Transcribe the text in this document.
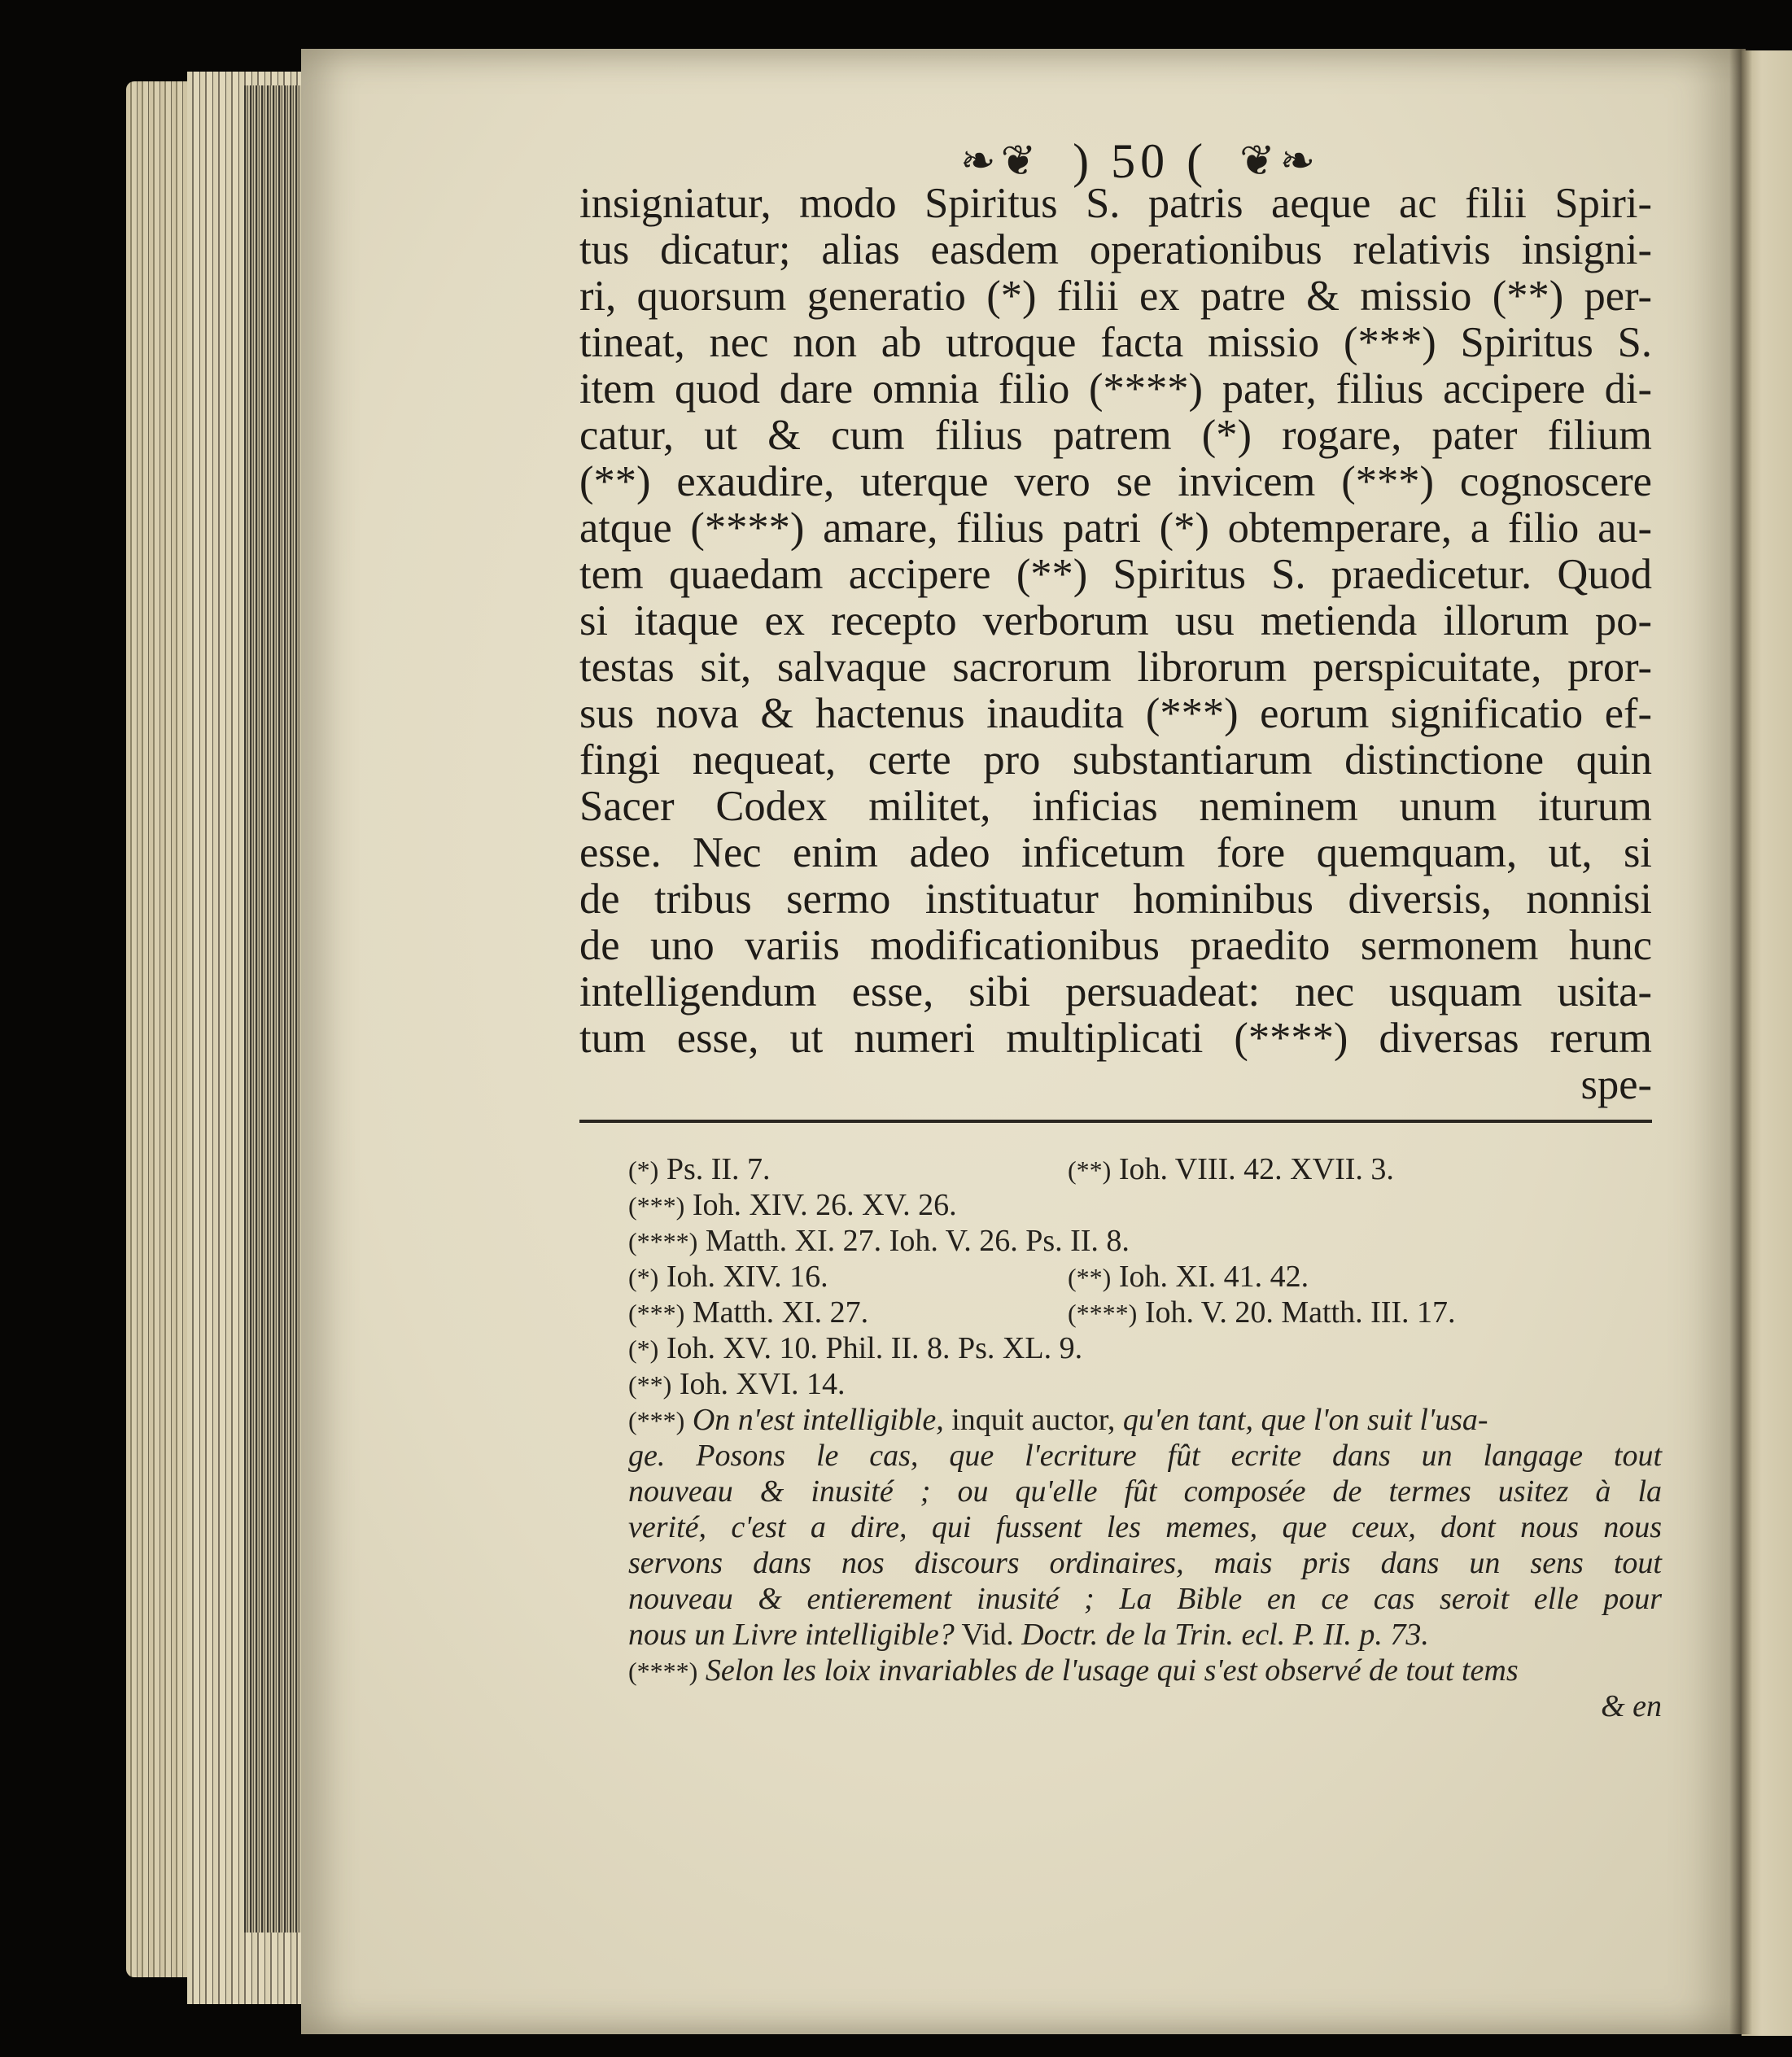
❧❦ ) 50 ( ❦❧
insigniatur, modo Spiritus S. patris aeque ac filii Spiri-
tus dicatur; alias easdem operationibus relativis insigni-
ri, quorsum generatio (*) filii ex patre & missio (**) per-
tineat, nec non ab utroque facta missio (***) Spiritus S.
item quod dare omnia filio (****) pater, filius accipere di-
catur, ut & cum filius patrem (*) rogare, pater filium
(**) exaudire, uterque vero se invicem (***) cognoscere
atque (****) amare, filius patri (*) obtemperare, a filio au-
tem quaedam accipere (**) Spiritus S. praedicetur. Quod
si itaque ex recepto verborum usu metienda illorum po-
testas sit, salvaque sacrorum librorum perspicuitate, pror-
sus nova & hactenus inaudita (***) eorum significatio ef-
fingi nequeat, certe pro substantiarum distinctione quin
Sacer Codex militet, inficias neminem unum iturum
esse. Nec enim adeo inficetum fore quemquam, ut, si
de tribus sermo instituatur hominibus diversis, nonnisi
de uno variis modificationibus praedito sermonem hunc
intelligendum esse, sibi persuadeat: nec usquam usita-
tum esse, ut numeri multiplicati (****) diversas rerum
spe-
(*) Ps. II. 7.	(**) Ioh. VIII. 42. XVII. 3.
(***) Ioh. XIV. 26. XV. 26.
(****) Matth. XI. 27. Ioh. V. 26. Ps. II. 8.
(*) Ioh. XIV. 16.	(**) Ioh. XI. 41. 42.
(***) Matth. XI. 27.	(****) Ioh. V. 20. Matth. III. 17.
(*) Ioh. XV. 10. Phil. II. 8. Ps. XL. 9.
(**) Ioh. XVI. 14.
(***) On n'est intelligible, inquit auctor, qu'en tant, que l'on suit l'usa-
ge. Posons le cas, que l'ecriture fût ecrite dans un langage tout
nouveau & inusité ; ou qu'elle fût composée de termes usitez à la
verité, c'est a dire, qui fussent les memes, que ceux, dont nous nous
servons dans nos discours ordinaires, mais pris dans un sens tout
nouveau & entierement inusité ; La Bible en ce cas seroit elle pour
nous un Livre intelligible? Vid. Doctr. de la Trin. ecl. P. II. p. 73.
(****) Selon les loix invariables de l'usage qui s'est observé de tout tems
& en
